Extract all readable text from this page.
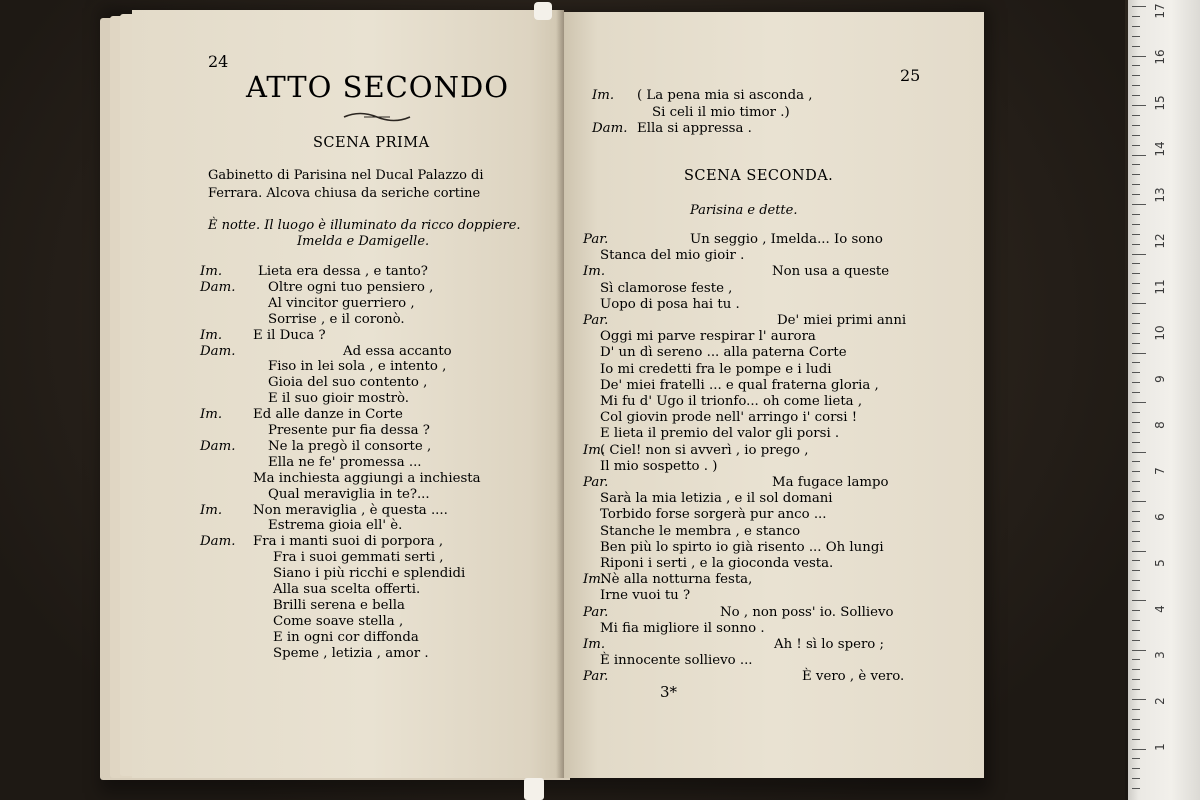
24
ATTO SECONDO
SCENA PRIMA
Gabinetto di Parisina nel Ducal Palazzo di
Ferrara. Alcova chiusa da seriche cortine
È notte. Il luogo è illuminato da ricco doppiere.
Imelda e Damigelle.
Im.	Lieta era dessa , e tanto?
Dam. Oltre ogni tuo pensiero ,
Al vincitor guerriero ,
Sorrise , e il coronò.
Im. E il Duca ?
Dam.	Ad essa accanto
Fiso in lei sola , e intento ,
Gioia del suo contento ,
E il suo gioir mostrò.
Im. Ed alle danze in Corte
Presente pur fia dessa ?
Dam. Ne la pregò il consorte ,
Ella ne fe' promessa ...
Ma inchiesta aggiungi a inchiesta
Qual meraviglia in te?...
Im. Non meraviglia , è questa ....
Estrema gioia ell' è.
Dam. Fra i manti suoi di porpora ,
Fra i suoi gemmati serti ,
Siano i più ricchi e splendidi
Alla sua scelta offerti.
Brilli serena e bella
Come soave stella ,
E in ogni cor diffonda
Speme , letizia , amor .
25
Im. ( La pena mia si asconda ,
Si celi il mio timor .)
Dam. Ella si appressa .
SCENA SECONDA.
Parisina e dette.
Par.	Un seggio , Imelda... Io sono
Stanca del mio gioir .
Im.	Non usa a queste
Sì clamorose feste ,
Uopo di posa hai tu .
Par.	De' miei primi anni
Oggi mi parve respirar l' aurora
D' un dì sereno ... alla paterna Corte
Io mi credetti fra le pompe e i ludi
De' miei fratelli ... e qual fraterna gloria ,
Mi fu d' Ugo il trionfo... oh come lieta ,
Col giovin prode nell' arringo i' corsi !
E lieta il premio del valor gli porsi .
Im.
( Ciel! non si avverì , io prego ,
Il mio sospetto . )
Par.	Ma fugace lampo
Sarà la mia letizia , e il sol domani
Torbido forse sorgerà pur anco ...
Stanche le membra , e stanco
Ben più lo spirto io già risento ... Oh lungi
Riponi i serti , e la gioconda vesta.
Im.
Nè alla notturna festa,
Irne vuoi tu ?
Par.	No , non poss' io. Sollievo
Mi fia migliore il sonno .
Im.	Ah ! sì lo spero ;
È innocente sollievo ...
Par.	È vero , è vero.
3*
17
16
15
14
13
12
11
10
9
8
7
6
5
4
3
2
1
